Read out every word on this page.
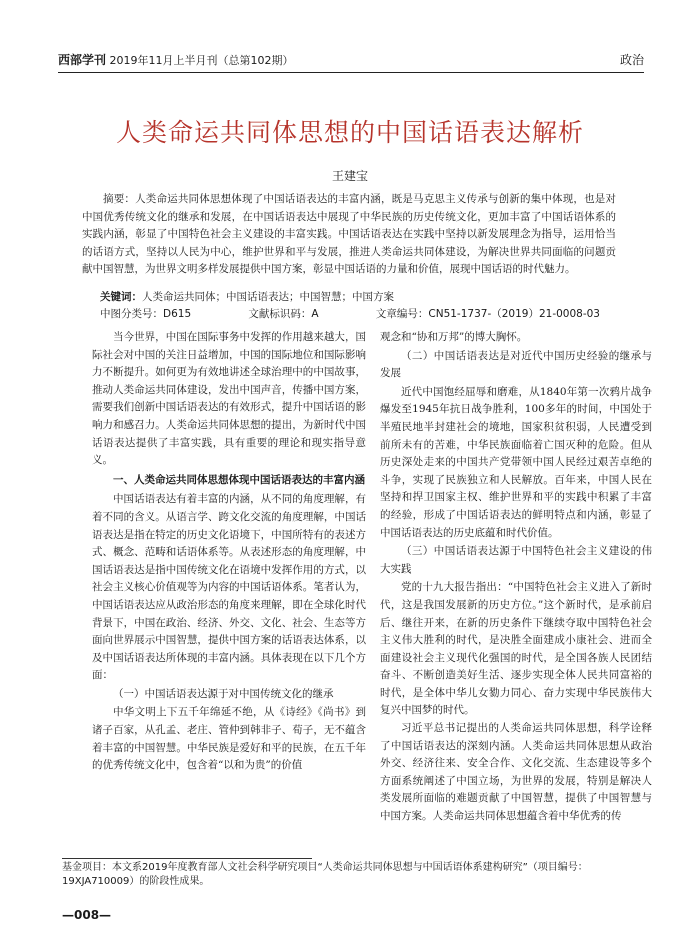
西部学刊 2019年11月上半月刊（总第102期）	政治
人类命运共同体思想的中国话语表达解析
王建宝

摘要：人类命运共同体思想体现了中国话语表达的丰富内涵，既是马克思主义传承与创新的集中体现，也是对中国优秀传统文化的继承和发展，在中国话语表达中展现了中华民族的历史传统文化，更加丰富了中国话语体系的实践内涵，彰显了中国特色社会主义建设的丰富实践。中国话语表达在实践中坚持以新发展理念为指导，运用恰当的话语方式，坚持以人民为中心，维护世界和平与发展，推进人类命运共同体建设，为解决世界共同面临的问题贡献中国智慧，为世界文明多样发展提供中国方案，彰显中国话语的力量和价值，展现中国话语的时代魅力。

关键词：人类命运共同体；中国话语表达；中国智慧；中国方案
中图分类号：D615	文献标识码：A	文章编号：CN51-1737-（2019）21-0008-03

当今世界，中国在国际事务中发挥的作用越来越大，国际社会对中国的关注日益增加，中国的国际地位和国际影响力不断提升。如何更为有效地讲述全球治理中的中国故事，推动人类命运共同体建设，发出中国声音，传播中国方案，需要我们创新中国话语表达的有效形式，提升中国话语的影响力和感召力。人类命运共同体思想的提出，为新时代中国话语表达提供了丰富实践，具有重要的理论和现实指导意义。

一、人类命运共同体思想体现中国话语表达的丰富内涵

中国话语表达有着丰富的内涵，从不同的角度理解，有着不同的含义。从语言学、跨文化交流的角度理解，中国话语表达是指在特定的历史文化语境下，中国所特有的表述方式、概念、范畴和话语体系等。从表述形态的角度理解，中国话语表达是指中国传统文化在语境中发挥作用的方式，以社会主义核心价值观等为内容的中国话语体系。笔者认为，中国话语表达应从政治形态的角度来理解，即在全球化时代背景下，中国在政治、经济、外交、文化、社会、生态等方面向世界展示中国智慧，提供中国方案的话语表达体系，以及中国话语表达所体现的丰富内涵。具体表现在以下几个方面：

（一）中国话语表达源于对中国传统文化的继承

中华文明上下五千年绵延不绝，从《诗经》《尚书》到诸子百家，从孔孟、老庄、管仲到韩非子、荀子，无不蕴含着丰富的中国智慧。中华民族是爱好和平的民族，在五千年的优秀传统文化中，包含着“以和为贵”的价值

观念和“协和万邦”的博大胸怀。

（二）中国话语表达是对近代中国历史经验的继承与发展

近代中国饱经屈辱和磨难，从1840年第一次鸦片战争爆发至1945年抗日战争胜利，100多年的时间，中国处于半殖民地半封建社会的境地，国家积贫积弱，人民遭受到前所未有的苦难，中华民族面临着亡国灭种的危险。但从历史深处走来的中国共产党带领中国人民经过艰苦卓绝的斗争，实现了民族独立和人民解放。百年来，中国人民在坚持和捍卫国家主权、维护世界和平的实践中积累了丰富的经验，形成了中国话语表达的鲜明特点和内涵，彰显了中国话语表达的历史底蕴和时代价值。

（三）中国话语表达源于中国特色社会主义建设的伟大实践

党的十九大报告指出：“中国特色社会主义进入了新时代，这是我国发展新的历史方位。”这个新时代，是承前启后、继往开来，在新的历史条件下继续夺取中国特色社会主义伟大胜利的时代，是决胜全面建成小康社会、进而全面建设社会主义现代化强国的时代，是全国各族人民团结奋斗、不断创造美好生活、逐步实现全体人民共同富裕的时代，是全体中华儿女勠力同心、奋力实现中华民族伟大复兴中国梦的时代。

习近平总书记提出的人类命运共同体思想，科学诠释了中国话语表达的深刻内涵。人类命运共同体思想从政治外交、经济往来、安全合作、文化交流、生态建设等多个方面系统阐述了中国立场，为世界的发展，特别是解决人类发展所面临的难题贡献了中国智慧，提供了中国智慧与中国方案。人类命运共同体思想蕴含着中华优秀的传

基金项目：本文系2019年度教育部人文社会科学研究项目“人类命运共同体思想与中国话语体系建构研究”（项目编号：19XJA710009）的阶段性成果。

—008—
